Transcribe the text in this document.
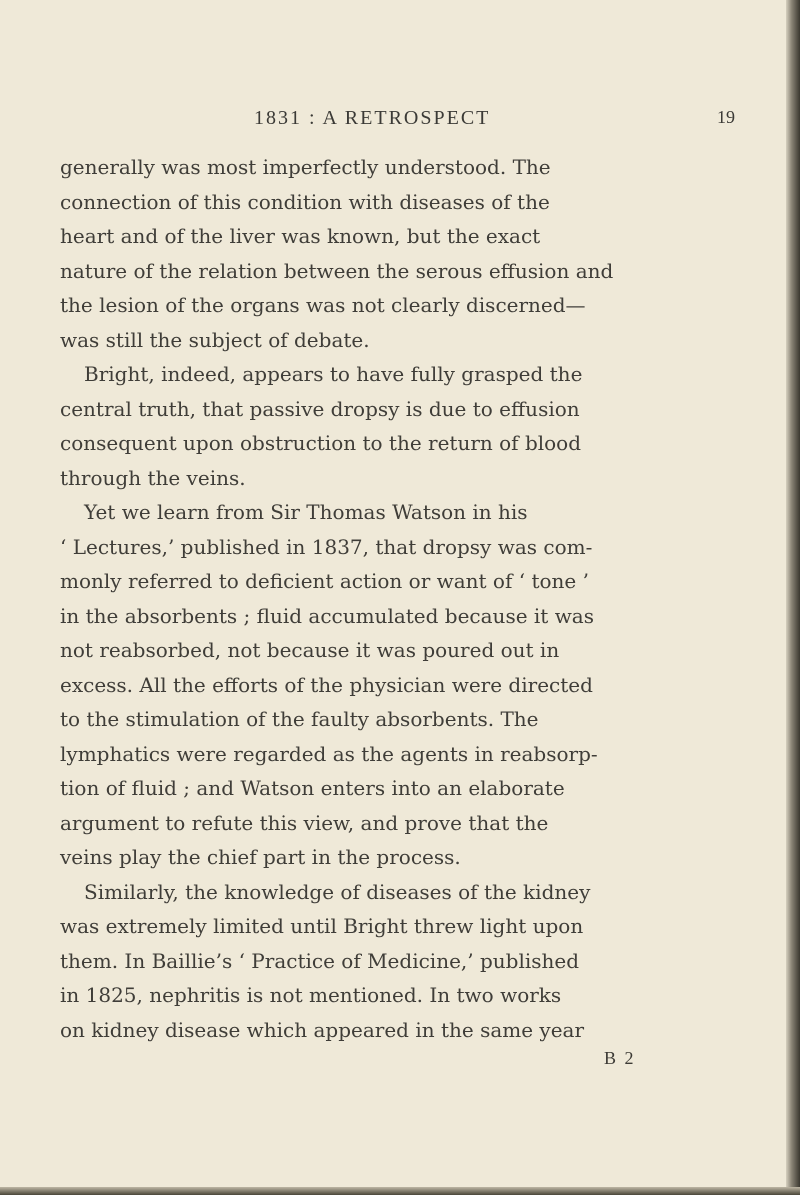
1831 : A RETROSPECT	19
generally was most imperfectly understood. The
connection of this condition with diseases of the
heart and of the liver was known, but the exact
nature of the relation between the serous effusion and
the lesion of the organs was not clearly discerned—
was still the subject of debate.
Bright, indeed, appears to have fully grasped the
central truth, that passive dropsy is due to effusion
consequent upon obstruction to the return of blood
through the veins.
Yet we learn from Sir Thomas Watson in his
‘ Lectures,’ published in 1837, that dropsy was com-
monly referred to deficient action or want of ‘ tone ’
in the absorbents ; fluid accumulated because it was
not reabsorbed, not because it was poured out in
excess. All the efforts of the physician were directed
to the stimulation of the faulty absorbents. The
lymphatics were regarded as the agents in reabsorp-
tion of fluid ; and Watson enters into an elaborate
argument to refute this view, and prove that the
veins play the chief part in the process.
Similarly, the knowledge of diseases of the kidney
was extremely limited until Bright threw light upon
them. In Baillie’s ‘ Practice of Medicine,’ published
in 1825, nephritis is not mentioned. In two works
on kidney disease which appeared in the same year
B 2
